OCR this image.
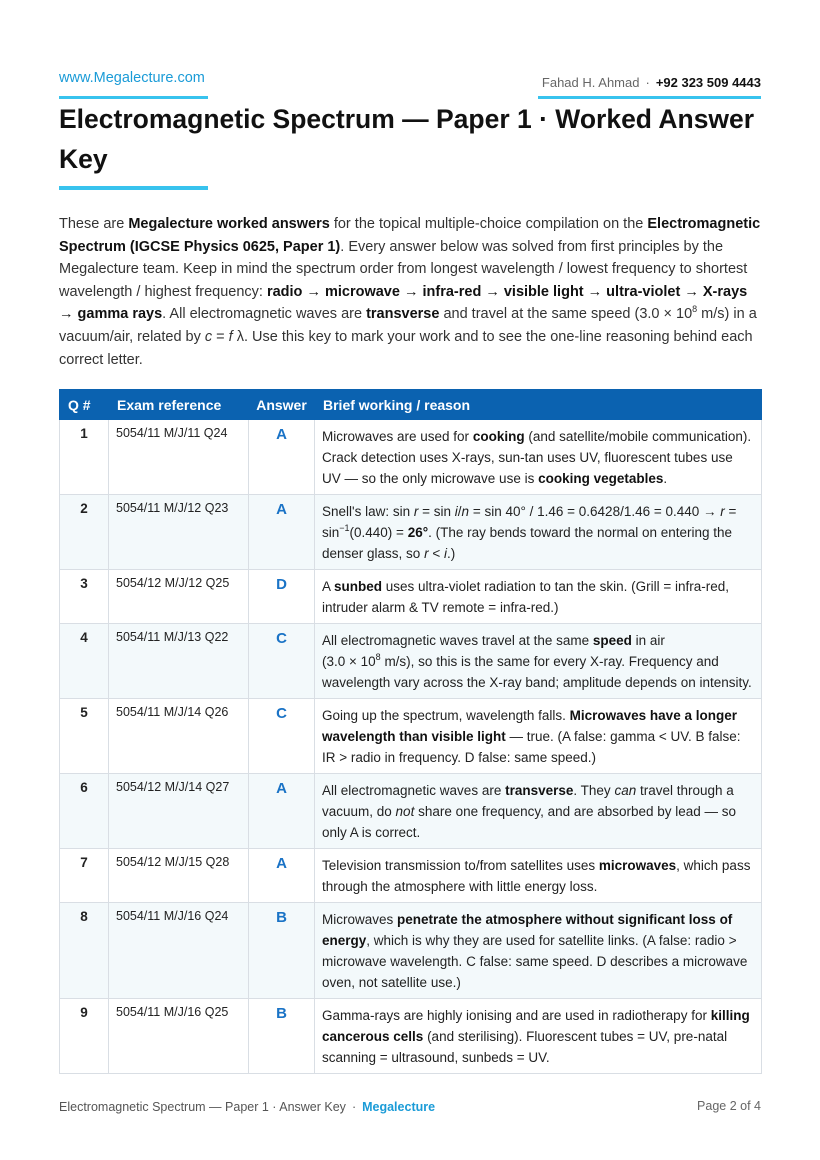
www.Megalecture.com	Fahad H. Ahmad · +92 323 509 4443
Electromagnetic Spectrum — Paper 1 · Worked Answer Key

These are Megalecture worked answers for the topical multiple-choice compilation on the Electromagnetic Spectrum (IGCSE Physics 0625, Paper 1). Every answer below was solved from first principles by the Megalecture team. Keep in mind the spectrum order from longest wavelength / lowest frequency to shortest wavelength / highest frequency: radio → microwave → infra-red → visible light → ultra-violet → X-rays → gamma rays. All electromagnetic waves are transverse and travel at the same speed ($3.0 \times 10^8$ m/s) in a vacuum/air, related by c = f λ. Use this key to mark your work and to see the one-line reasoning behind each correct letter.

Q #	Exam reference	Answer	Brief working / reason
1	5054/11 M/J/11 Q24	A	Microwaves are used for cooking (and satellite/mobile communication). Crack detection uses X-rays, sun-tan uses UV, fluorescent tubes use UV — so the only microwave use is cooking vegetables.
2	5054/11 M/J/12 Q23	A	Snell's law: $\sin r = \sin i/n = \sin 40^\circ / 1.46 = 0.6428/1.46 = 0.440 \to r = \sin^{-1}(0.440) = 26^\circ$. (The ray bends toward the normal on entering the denser glass, so r < i.)
3	5054/12 M/J/12 Q25	D	A sunbed uses ultra-violet radiation to tan the skin. (Grill = infra-red, intruder alarm & TV remote = infra-red.)
4	5054/11 M/J/13 Q22	C	All electromagnetic waves travel at the same speed in air
($3.0 \times 10^8$ m/s), so this is the same for every X-ray. Frequency and wavelength vary across the X-ray band; amplitude depends on intensity.
5	5054/11 M/J/14 Q26	C	Going up the spectrum, wavelength falls. Microwaves have a longer wavelength than visible light — true. (A false: gamma < UV. B false: IR > radio in frequency. D false: same speed.)
6	5054/12 M/J/14 Q27	A	All electromagnetic waves are transverse. They can travel through a vacuum, do not share one frequency, and are absorbed by lead — so only A is correct.
7	5054/12 M/J/15 Q28	A	Television transmission to/from satellites uses microwaves, which pass through the atmosphere with little energy loss.
8	5054/11 M/J/16 Q24	B	Microwaves penetrate the atmosphere without significant loss of energy, which is why they are used for satellite links. (A false: radio > microwave wavelength. C false: same speed. D describes a microwave oven, not satellite use.)
9	5054/11 M/J/16 Q25	B	Gamma-rays are highly ionising and are used in radiotherapy for killing cancerous cells (and sterilising). Fluorescent tubes = UV, pre-natal scanning = ultrasound, sunbeds = UV.
Electromagnetic Spectrum — Paper 1 · Answer Key · Megalecture	Page 2 of 4
